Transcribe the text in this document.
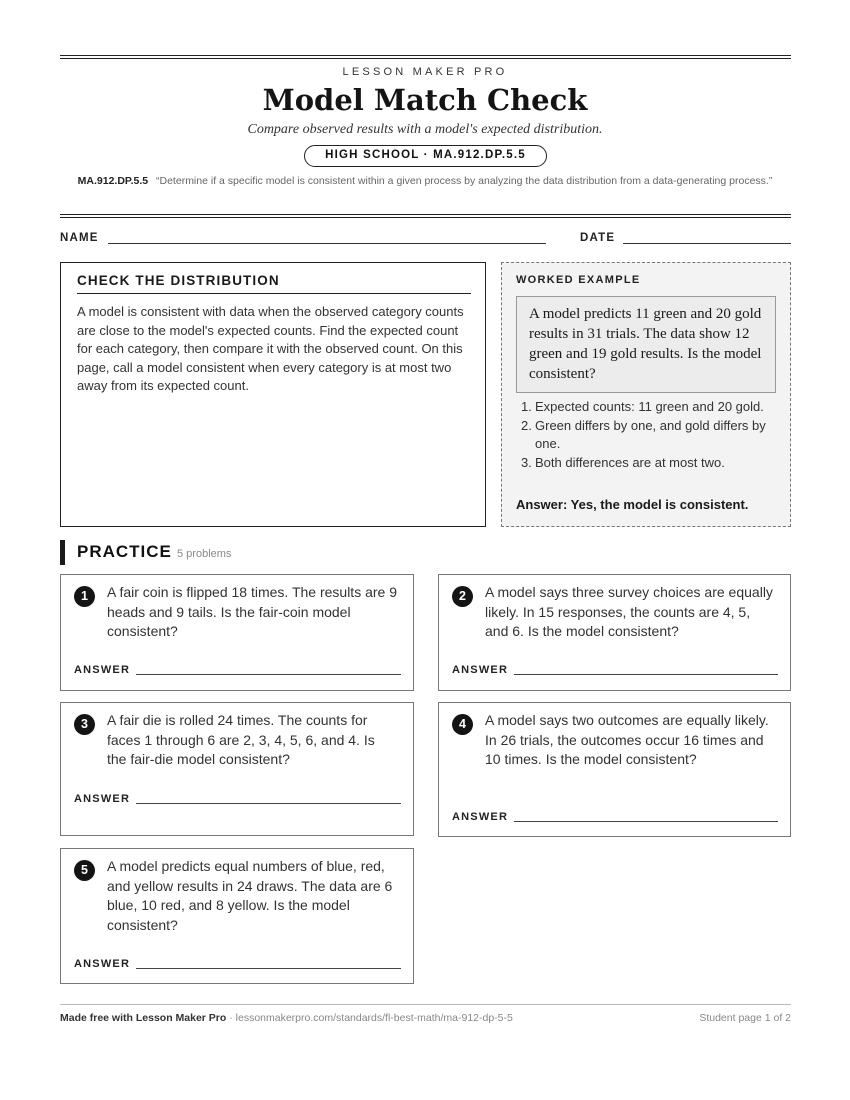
LESSON MAKER PRO
Model Match Check
Compare observed results with a model's expected distribution.
HIGH SCHOOL · MA.912.DP.5.5
MA.912.DP.5.5 “Determine if a specific model is consistent within a given process by analyzing the data distribution from a data-generating process.”
NAME	DATE
CHECK THE DISTRIBUTION
A model is consistent with data when the observed category counts are close to the model's expected counts. Find the expected count for each category, then compare it with the observed count. On this page, call a model consistent when every category is at most two away from its expected count.
WORKED EXAMPLE
A model predicts 11 green and 20 gold results in 31 trials. The data show 12 green and 19 gold results. Is the model consistent?
1. Expected counts: 11 green and 20 gold.
2. Green differs by one, and gold differs by one.
3. Both differences are at most two.
Answer: Yes, the model is consistent.
PRACTICE 5 problems
1	A fair coin is flipped 18 times. The results are 9 heads and 9 tails. Is the fair-coin model consistent?
ANSWER
2	A model says three survey choices are equally likely. In 15 responses, the counts are 4, 5, and 6. Is the model consistent?
ANSWER
3	A fair die is rolled 24 times. The counts for faces 1 through 6 are 2, 3, 4, 5, 6, and 4. Is the fair-die model consistent?
ANSWER
4	A model says two outcomes are equally likely. In 26 trials, the outcomes occur 16 times and 10 times. Is the model consistent?
ANSWER
5	A model predicts equal numbers of blue, red, and yellow results in 24 draws. The data are 6 blue, 10 red, and 8 yellow. Is the model consistent?
ANSWER
Made free with Lesson Maker Pro · lessonmakerpro.com/standards/fl-best-math/ma-912-dp-5-5	Student page 1 of 2
